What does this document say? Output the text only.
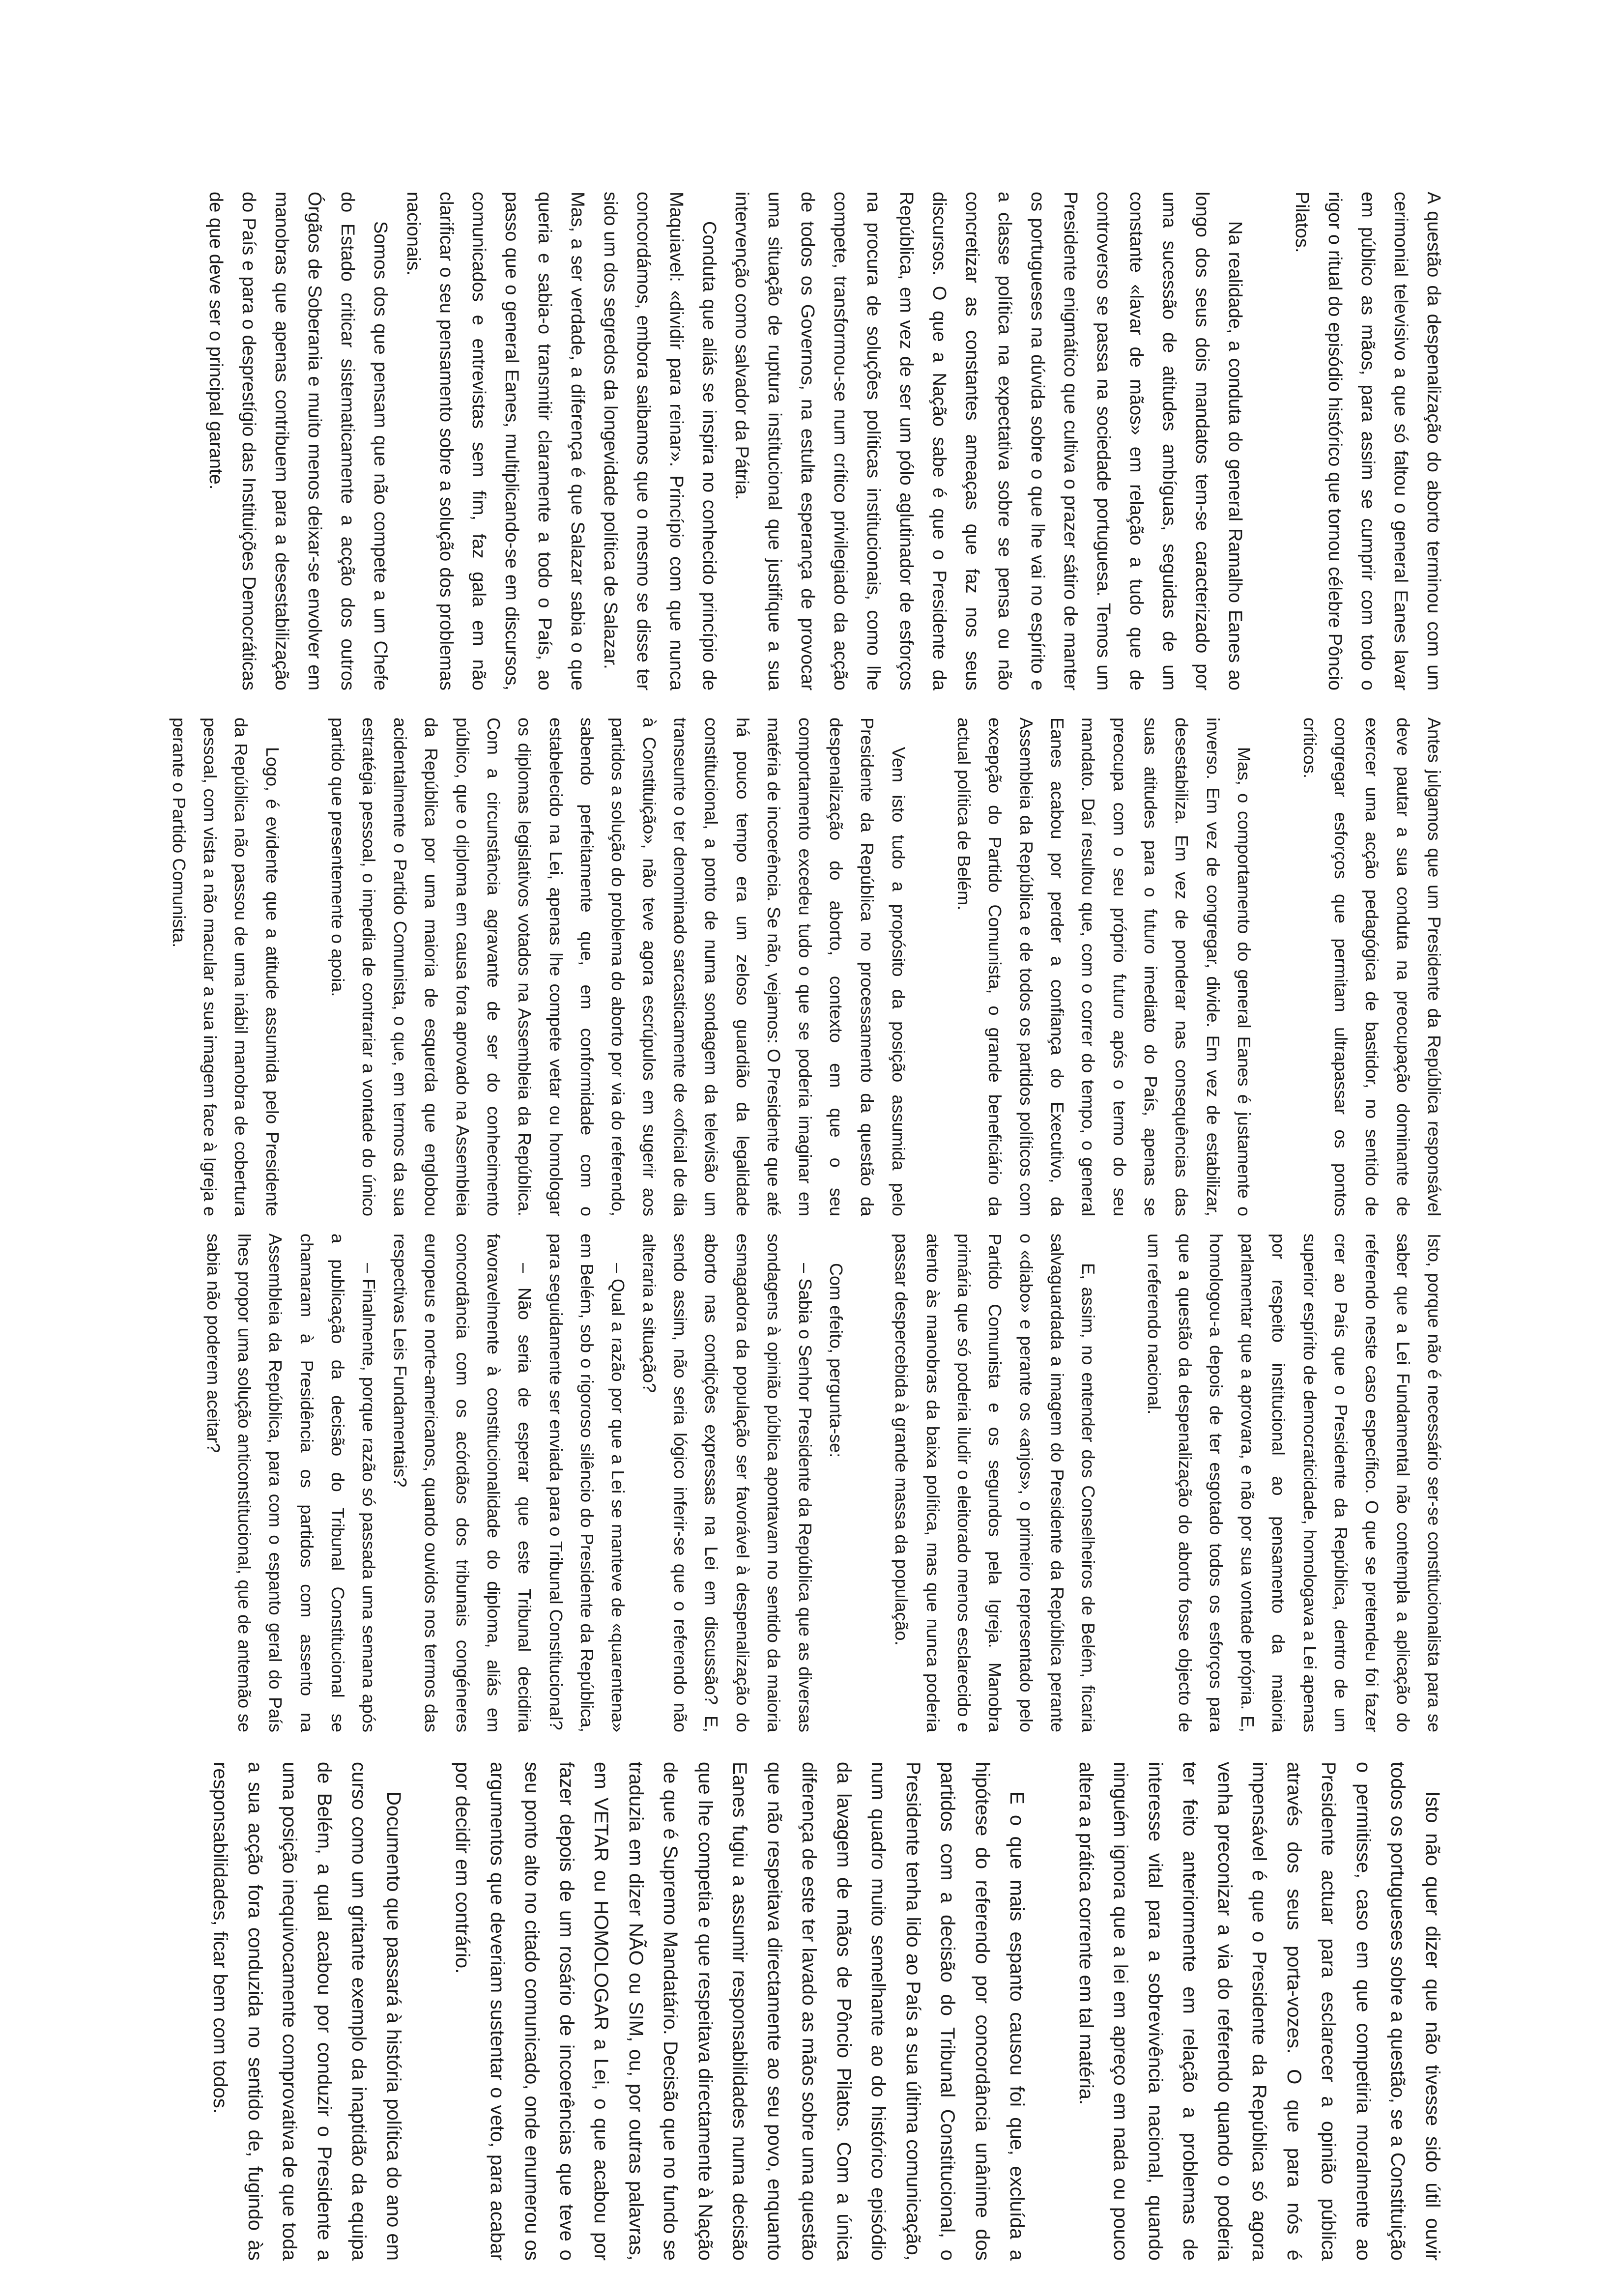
A questão da despenalização do aborto terminou com um cerimonial televisivo a que só faltou o general Eanes lavar em público as mãos, para assim se cumprir com todo o rigor o ritual do episódio histórico que tornou célebre Pôncio Pilatos.

Na realidade, a conduta do general Ramalho Eanes ao longo dos seus dois mandatos tem-se caracterizado por uma sucessão de atitudes ambíguas, seguidas de um constante «lavar de mãos» em relação a tudo que de controverso se passa na sociedade portuguesa. Temos um Presidente enigmático que cultiva o prazer sátiro de manter os portugueses na dúvida sobre o que lhe vai no espírito e a classe política na expectativa sobre se pensa ou não concretizar as constantes ameaças que faz nos seus discursos. O que a Nação sabe é que o Presidente da República, em vez de ser um pólo aglutinador de esforços na procura de soluções políticas institucionais, como lhe compete, transformou-se num crítico privilegiado da acção de todos os Governos, na estulta esperança de provocar uma situação de ruptura institucional que justifique a sua intervenção como salvador da Pátria.

Conduta que aliás se inspira no conhecido princípio de Maquiavel: «dividir para reinar». Princípio com que nunca concordámos, embora saibamos que o mesmo se disse ter sido um dos segredos da longevidade política de Salazar.

Mas, a ser verdade, a diferença é que Salazar sabia o que queria e sabia-o transmitir claramente a todo o País, ao passo que o general Eanes, multiplicando-se em discursos, comunicados e entrevistas sem fim, faz gala em não clarificar o seu pensamento sobre a solução dos problemas nacionais.

Somos dos que pensam que não compete a um Chefe do Estado criticar sistematicamente a acção dos outros Órgãos de Soberania e muito menos deixar-se envolver em manobras que apenas contribuem para a desestabilização do País e para o desprestígio das Instituições Democráticas de que deve ser o principal garante.

Antes julgamos que um Presidente da República responsável deve pautar a sua conduta na preocupação dominante de exercer uma acção pedagógica de bastidor, no sentido de congregar esforços que permitam ultrapassar os pontos críticos.

Mas, o comportamento do general Eanes é justamente o inverso. Em vez de congregar, divide. Em vez de estabilizar, desestabiliza. Em vez de ponderar nas consequências das suas atitudes para o futuro imediato do País, apenas se preocupa com o seu próprio futuro após o termo do seu mandato. Daí resultou que, com o correr do tempo, o general Eanes acabou por perder a confiança do Executivo, da Assembleia da República e de todos os partidos políticos com excepção do Partido Comunista, o grande beneficiário da actual política de Belém.

Vem isto tudo a propósito da posição assumida pelo Presidente da República no processamento da questão da despenalização do aborto, contexto em que o seu comportamento excedeu tudo o que se poderia imaginar em matéria de incoerência. Se não, vejamos: O Presidente que até há pouco tempo era um zeloso guardião da legalidade constitucional, a ponto de numa sondagem da televisão um transeunte o ter denominado sarcasticamente de «oficial de dia à Constituição», não teve agora escrúpulos em sugerir aos partidos a solução do problema do aborto por via do referendo, sabendo perfeitamente que, em conformidade com o estabelecido na Lei, apenas lhe compete vetar ou homologar os diplomas legislativos votados na Assembleia da República. Com a circunstância agravante de ser do conhecimento público, que o diploma em causa fora aprovado na Assembleia da República por uma maioria de esquerda que englobou acidentalmente o Partido Comunista, o que, em termos da sua estratégia pessoal, o impedia de contrariar a vontade do único partido que presentemente o apoia.

Logo, é evidente que a atitude assumida pelo Presidente da República não passou de uma inábil manobra de cobertura pessoal, com vista a não macular a sua imagem face à Igreja e perante o Partido Comunista.

Isto, porque não é necessário ser-se constitucionalista para se saber que a Lei Fundamental não contempla a aplicação do referendo neste caso específico. O que se pretendeu foi fazer crer ao País que o Presidente da República, dentro de um superior espírito de democraticidade, homologava a Lei apenas por respeito institucional ao pensamento da maioria parlamentar que a aprovara, e não por sua vontade própria. E, homologou-a depois de ter esgotado todos os esforços para que a questão da despenalização do aborto fosse objecto de um referendo nacional.

E, assim, no entender dos Conselheiros de Belém, ficaria salvaguardada a imagem do Presidente da República perante o «diabo» e perante os «anjos», o primeiro representado pelo Partido Comunista e os segundos pela Igreja. Manobra primária que só poderia iludir o eleitorado menos esclarecido e atento às manobras da baixa política, mas que nunca poderia passar despercebida à grande massa da população.

Com efeito, pergunta-se:

– Sabia o Senhor Presidente da República que as diversas sondagens à opinião pública apontavam no sentido da maioria esmagadora da população ser favorável à despenalização do aborto nas condições expressas na Lei em discussão? E, sendo assim, não seria lógico inferir-se que o referendo não alteraria a situação?

– Qual a razão por que a Lei se manteve de «quarentena» em Belém, sob o rigoroso silêncio do Presidente da República, para seguidamente ser enviada para o Tribunal Constitucional?

– Não seria de esperar que este Tribunal decidiria favoravelmente à constitucionalidade do diploma, aliás em concordância com os acórdãos dos tribunais congéneres europeus e norte-americanos, quando ouvidos nos termos das respectivas Leis Fundamentais?

– Finalmente, porque razão só passada uma semana após a publicação da decisão do Tribunal Constitucional se chamaram à Presidência os partidos com assento na Assembleia da República, para com o espanto geral do País lhes propor uma solução anticonstitucional, que de antemão se sabia não poderem aceitar?

Isto não quer dizer que não tivesse sido útil ouvir todos os portugueses sobre a questão, se a Constituição o permitisse, caso em que competiria moralmente ao Presidente actuar para esclarecer a opinião pública através dos seus porta-vozes. O que para nós é impensável é que o Presidente da República só agora venha preconizar a via do referendo quando o poderia ter feito anteriormente em relação a problemas de interesse vital para a sobrevivência nacional, quando ninguém ignora que a lei em apreço em nada ou pouco altera a prática corrente em tal matéria.

E o que mais espanto causou foi que, excluída a hipótese do referendo por concordância unânime dos partidos com a decisão do Tribunal Constitucional, o Presidente tenha lido ao País a sua última comunicação, num quadro muito semelhante ao do histórico episódio da lavagem de mãos de Pôncio Pilatos. Com a única diferença de este ter lavado as mãos sobre uma questão que não respeitava directamente ao seu povo, enquanto Eanes fugiu a assumir responsabilidades numa decisão que lhe competia e que respeitava directamente à Nação de que é Supremo Mandatário. Decisão que no fundo se traduzia em dizer NÃO ou SIM, ou, por outras palavras, em VETAR ou HOMOLOGAR a Lei, o que acabou por fazer depois de um rosário de incoerências que teve o seu ponto alto no citado comunicado, onde enumerou os argumentos que deveriam sustentar o veto, para acabar por decidir em contrário.

Documento que passará à história política do ano em curso como um gritante exemplo da inaptidão da equipa de Belém, a qual acabou por conduzir o Presidente a uma posição inequivocamente comprovativa de que toda a sua acção fora conduzida no sentido de, fugindo às responsabilidades, ficar bem com todos.
